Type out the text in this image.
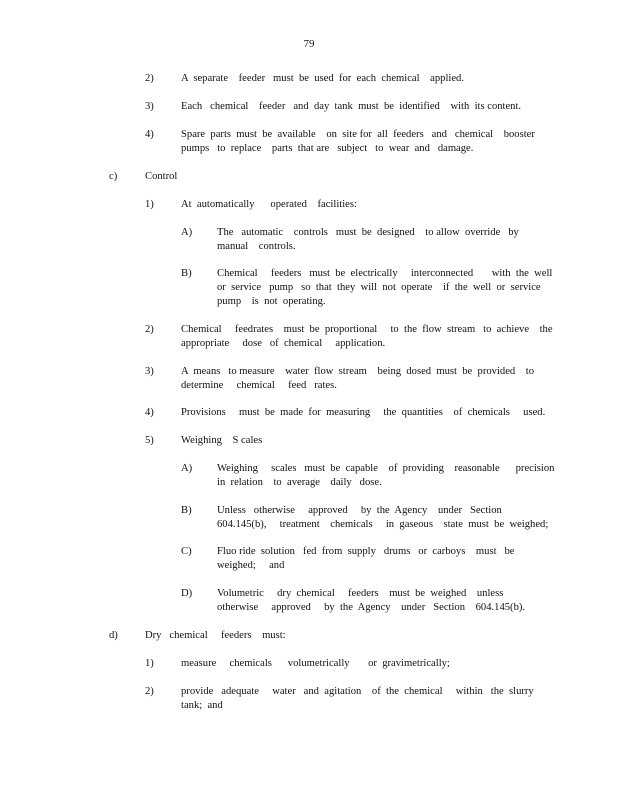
79
2)	A  separate    feeder   must  be  used  for  each  chemical    applied.
3)	Each   chemical    feeder   and  day  tank  must  be  identified    with  its content.
4)	Spare  parts  must  be  available    on  site for  all  feeders   and   chemical    booster
pumps   to  replace    parts  that are   subject   to  wear  and   damage.
c)	Control
1)	At  automatically      operated    facilities:
A)	The   automatic    controls   must  be  designed    to allow  override   by
manual    controls.
B)	Chemical     feeders   must  be  electrically     interconnected       with  the  well
or  service   pump   so  that  they  will  not  operate    if  the  well  or  service
pump    is  not  operating.
2)	Chemical     feedrates    must  be  proportional     to  the  flow  stream   to  achieve    the
appropriate     dose   of  chemical     application.
3)	A  means   to measure    water  flow  stream    being  dosed  must  be  provided    to
determine     chemical     feed   rates.
4)	Provisions     must  be  made  for  measuring     the  quantities    of  chemicals     used.
5)	Weighing    S cales
A)	Weighing     scales   must  be  capable    of  providing    reasonable      precision
in  relation    to  average    daily   dose.
B)	Unless   otherwise     approved     by  the  Agency    under   Section
604.145(b),     treatment    chemicals     in  gaseous    state  must  be  weighed;
C)	Fluo ride  solution   fed  from  supply   drums   or  carboys    must   be
weighed;     and
D)	Volumetric     dry  chemical     feeders    must  be  weighed    unless
otherwise     approved     by  the  Agency    under   Section    604.145(b).
d)	Dry   chemical     feeders    must:
1)	measure     chemicals      volumetrically       or  gravimetrically;
2)	provide   adequate     water   and  agitation    of  the  chemical     within   the  slurry
tank;  and
